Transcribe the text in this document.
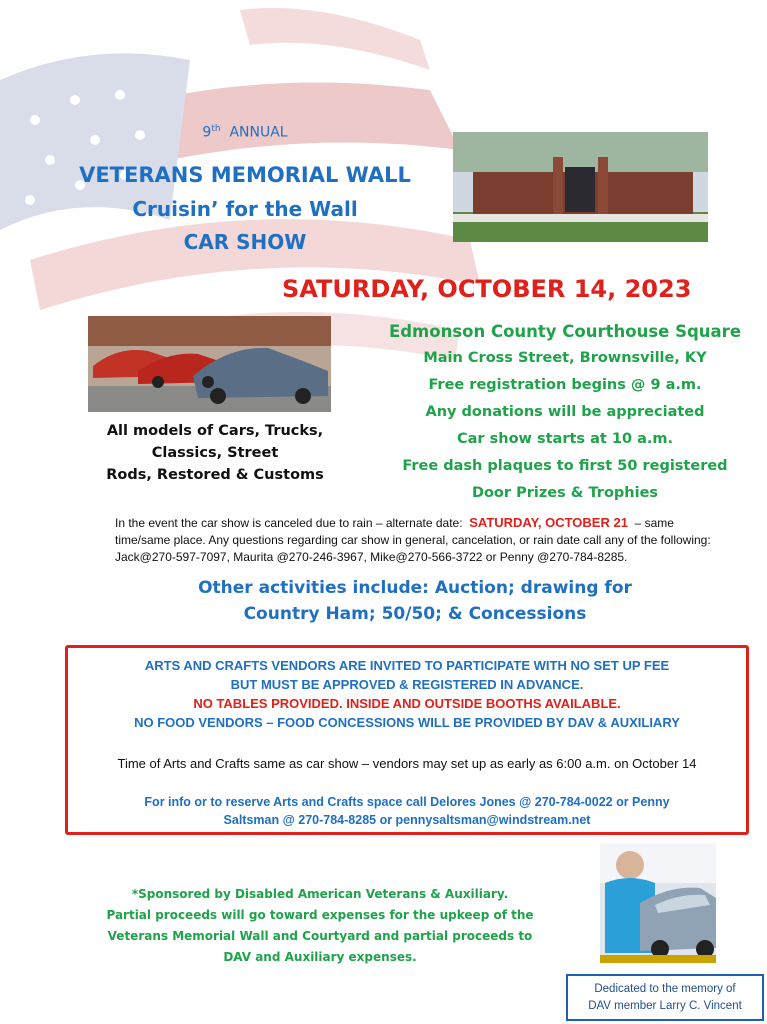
9th ANNUAL
VETERANS MEMORIAL WALL
Cruisin’ for the Wall
CAR SHOW
SATURDAY, OCTOBER 14, 2023
All models of Cars, Trucks,
Classics, Street
Rods, Restored & Customs
Edmonson County Courthouse Square
Main Cross Street, Brownsville, KY
Free registration begins @ 9 a.m.
Any donations will be appreciated
Car show starts at 10 a.m.
Free dash plaques to first 50 registered
Door Prizes & Trophies
In the event the car show is canceled due to rain – alternate date: SATURDAY, OCTOBER 21 – same time/same place. Any questions regarding car show in general, cancelation, or rain date call any of the following: Jack@270-597-7097, Maurita @270-246-3967, Mike@270-566-3722 or Penny @270-784-8285.
Other activities include: Auction; drawing for
Country Ham; 50/50; & Concessions
ARTS AND CRAFTS VENDORS ARE INVITED TO PARTICIPATE WITH NO SET UP FEE
BUT MUST BE APPROVED & REGISTERED IN ADVANCE.
NO TABLES PROVIDED. INSIDE AND OUTSIDE BOOTHS AVAILABLE.
NO FOOD VENDORS – FOOD CONCESSIONS WILL BE PROVIDED BY DAV & AUXILIARY
Time of Arts and Crafts same as car show – vendors may set up as early as 6:00 a.m. on October 14
For info or to reserve Arts and Crafts space call Delores Jones @ 270-784-0022 or Penny
Saltsman @ 270-784-8285 or pennysaltsman@windstream.net
*Sponsored by Disabled American Veterans & Auxiliary.
Partial proceeds will go toward expenses for the upkeep of the
Veterans Memorial Wall and Courtyard and partial proceeds to
DAV and Auxiliary expenses.
Dedicated to the memory of
DAV member Larry C. Vincent
